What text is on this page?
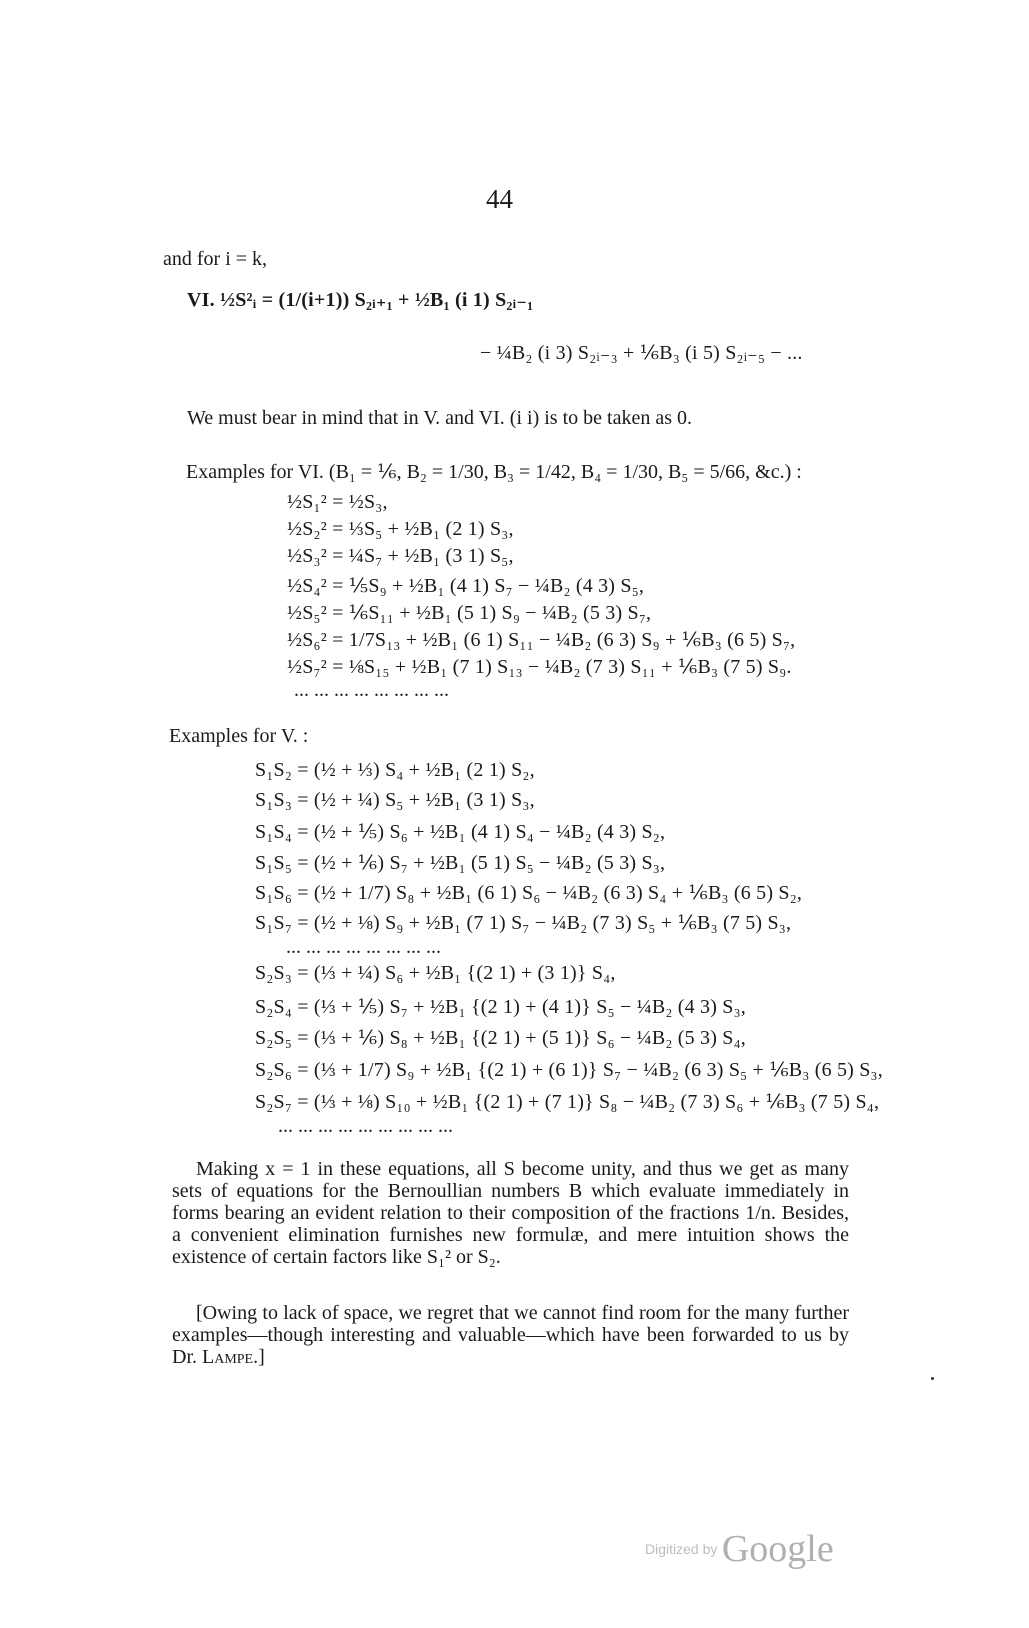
44
and for i = k,
VI. ½S²ᵢ = (1/(i+1)) S₂ᵢ₊₁ + ½B₁ (i 1) S₂ᵢ₋₁
− ¼B₂ (i 3) S₂ᵢ₋₃ + ⅙B₃ (i 5) S₂ᵢ₋₅ − ...
We must bear in mind that in V. and VI. (i i) is to be taken as 0.
Examples for VI. (B₁ = ⅙, B₂ = 1/30, B₃ = 1/42, B₄ = 1/30, B₅ = 5/66, &c.) :
½S₁² = ½S₃,
½S₂² = ⅓S₅ + ½B₁ (2 1) S₃,
½S₃² = ¼S₇ + ½B₁ (3 1) S₅,
½S₄² = ⅕S₉ + ½B₁ (4 1) S₇ − ¼B₂ (4 3) S₅,
½S₅² = ⅙S₁₁ + ½B₁ (5 1) S₉ − ¼B₂ (5 3) S₇,
½S₆² = 1/7S₁₃ + ½B₁ (6 1) S₁₁ − ¼B₂ (6 3) S₉ + ⅙B₃ (6 5) S₇,
½S₇² = ⅛S₁₅ + ½B₁ (7 1) S₁₃ − ¼B₂ (7 3) S₁₁ + ⅙B₃ (7 5) S₉.
... ... ... ... ... ... ... ...
Examples for V. :
S₁S₂ = (½ + ⅓) S₄ + ½B₁ (2 1) S₂,
S₁S₃ = (½ + ¼) S₅ + ½B₁ (3 1) S₃,
S₁S₄ = (½ + ⅕) S₆ + ½B₁ (4 1) S₄ − ¼B₂ (4 3) S₂,
S₁S₅ = (½ + ⅙) S₇ + ½B₁ (5 1) S₅ − ¼B₂ (5 3) S₃,
S₁S₆ = (½ + 1/7) S₈ + ½B₁ (6 1) S₆ − ¼B₂ (6 3) S₄ + ⅙B₃ (6 5) S₂,
S₁S₇ = (½ + ⅛) S₉ + ½B₁ (7 1) S₇ − ¼B₂ (7 3) S₅ + ⅙B₃ (7 5) S₃,
... ... ... ... ... ... ... ...
S₂S₃ = (⅓ + ¼) S₆ + ½B₁ {(2 1) + (3 1)} S₄,
S₂S₄ = (⅓ + ⅕) S₇ + ½B₁ {(2 1) + (4 1)} S₅ − ¼B₂ (4 3) S₃,
S₂S₅ = (⅓ + ⅙) S₈ + ½B₁ {(2 1) + (5 1)} S₆ − ¼B₂ (5 3) S₄,
S₂S₆ = (⅓ + 1/7) S₉ + ½B₁ {(2 1) + (6 1)} S₇ − ¼B₂ (6 3) S₅ + ⅙B₃ (6 5) S₃,
S₂S₇ = (⅓ + ⅛) S₁₀ + ½B₁ {(2 1) + (7 1)} S₈ − ¼B₂ (7 3) S₆ + ⅙B₃ (7 5) S₄,
... ... ... ... ... ... ... ... ...
Making x = 1 in these equations, all S become unity, and thus we get as many sets of equations for the Bernoullian numbers B which evaluate immediately in forms bearing an evident relation to their composition of the fractions 1/n. Besides, a convenient elimination furnishes new formulæ, and mere intuition shows the existence of certain factors like S₁² or S₂.
[Owing to lack of space, we regret that we cannot find room for the many further examples—though interesting and valuable—which have been forwarded to us by Dr. Lampe.]
Digitized by Google
